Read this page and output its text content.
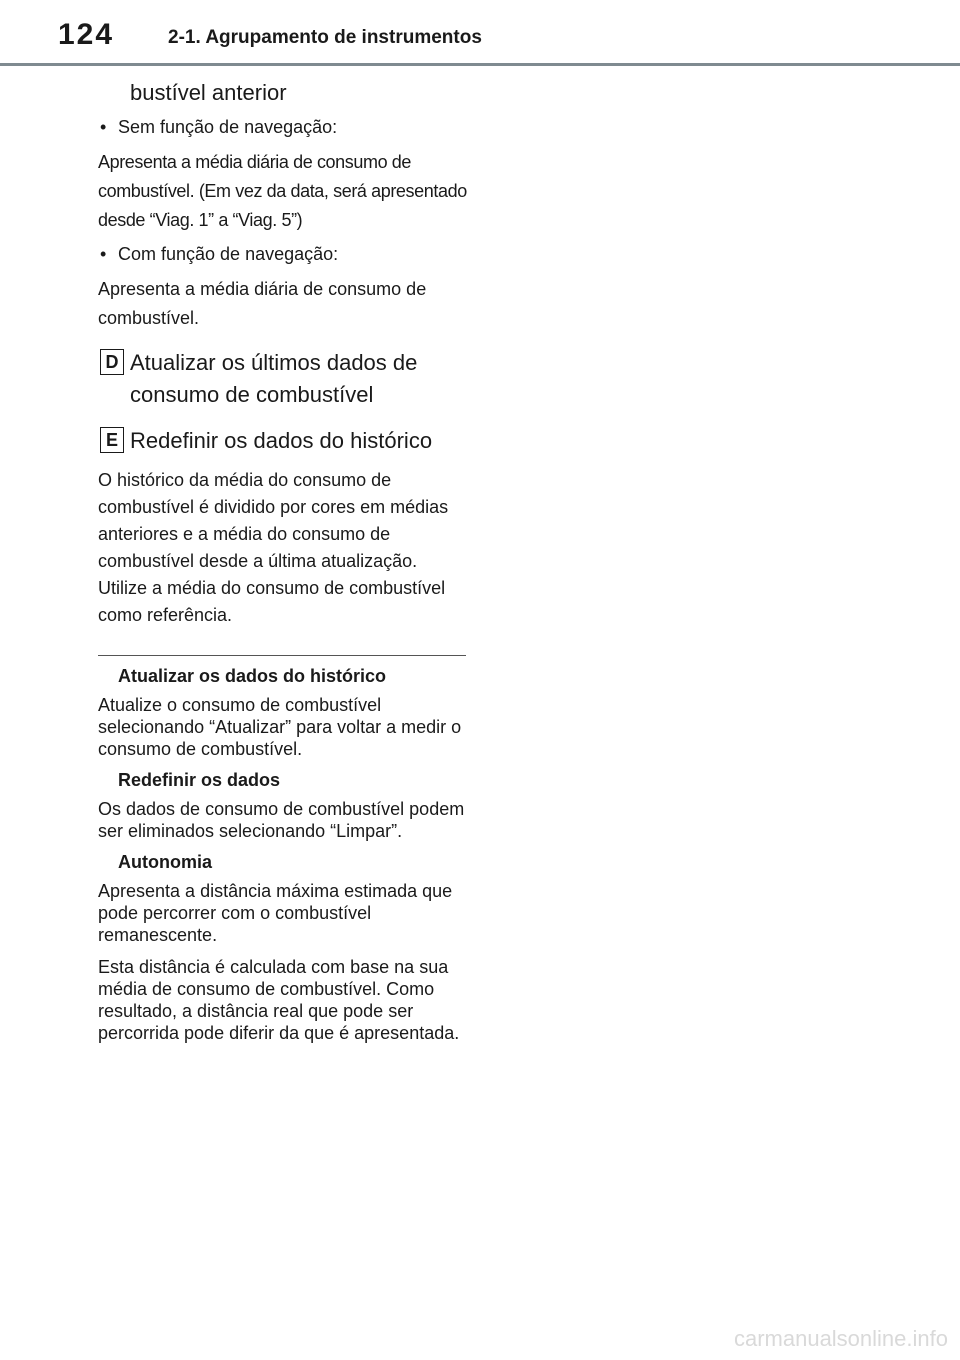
124	2-1. Agrupamento de instrumentos
bustível anterior
• Sem função de navegação:
Apresenta a média diária de consumo de combustível. (Em vez da data, será apresentado desde “Viag. 1” a “Viag. 5”)
• Com função de navegação:
Apresenta a média diária de consumo de combustível.
D Atualizar os últimos dados de consumo de combustível
E Redefinir os dados do histórico
O histórico da média do consumo de combustível é dividido por cores em médias anteriores e a média do consumo de combustível desde a última atualização. Utilize a média do consumo de combustível como referência.
Atualizar os dados do histórico
Atualize o consumo de combustível selecionando “Atualizar” para voltar a medir o consumo de combustível.
Redefinir os dados
Os dados de consumo de combustível podem ser eliminados selecionando “Limpar”.
Autonomia
Apresenta a distância máxima estimada que pode percorrer com o combustível remanescente.
Esta distância é calculada com base na sua média de consumo de combustível. Como resultado, a distância real que pode ser percorrida pode diferir da que é apresentada.
carmanualsonline.info
